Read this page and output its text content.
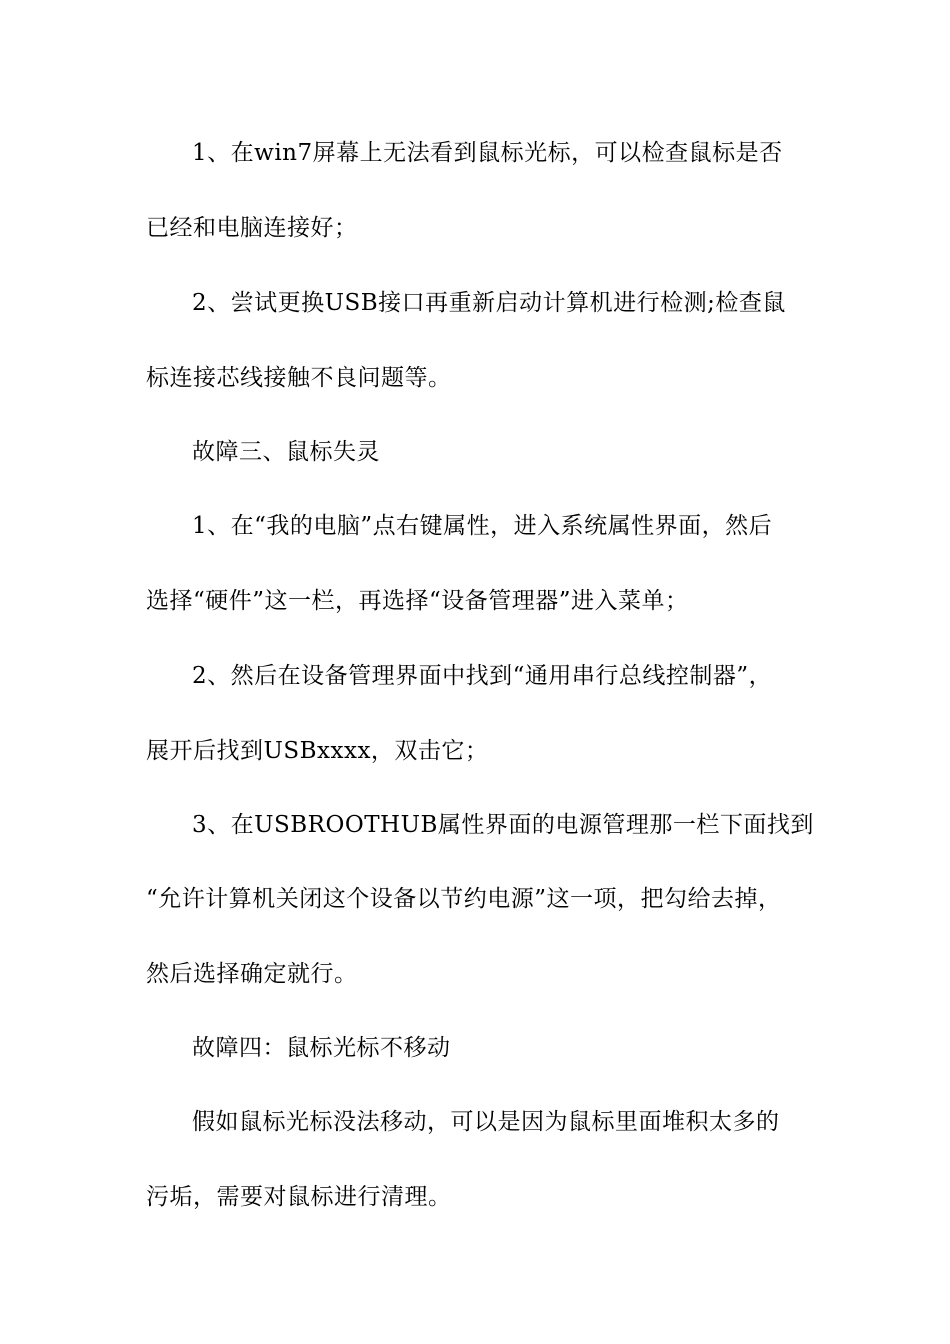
1、在win7屏幕上无法看到鼠标光标，可以检查鼠标是否
已经和电脑连接好；
2、尝试更换USB接口再重新启动计算机进行检测;检查鼠
标连接芯线接触不良问题等。
故障三、鼠标失灵
1、在“我的电脑”点右键属性，进入系统属性界面，然后
选择“硬件”这一栏，再选择“设备管理器”进入菜单；
2、然后在设备管理界面中找到“通用串行总线控制器”，
展开后找到USBxxxx，双击它；
3、在USBROOTHUB属性界面的电源管理那一栏下面找到
“允许计算机关闭这个设备以节约电源”这一项，把勾给去掉，
然后选择确定就行。
故障四：鼠标光标不移动
假如鼠标光标没法移动，可以是因为鼠标里面堆积太多的
污垢，需要对鼠标进行清理。
